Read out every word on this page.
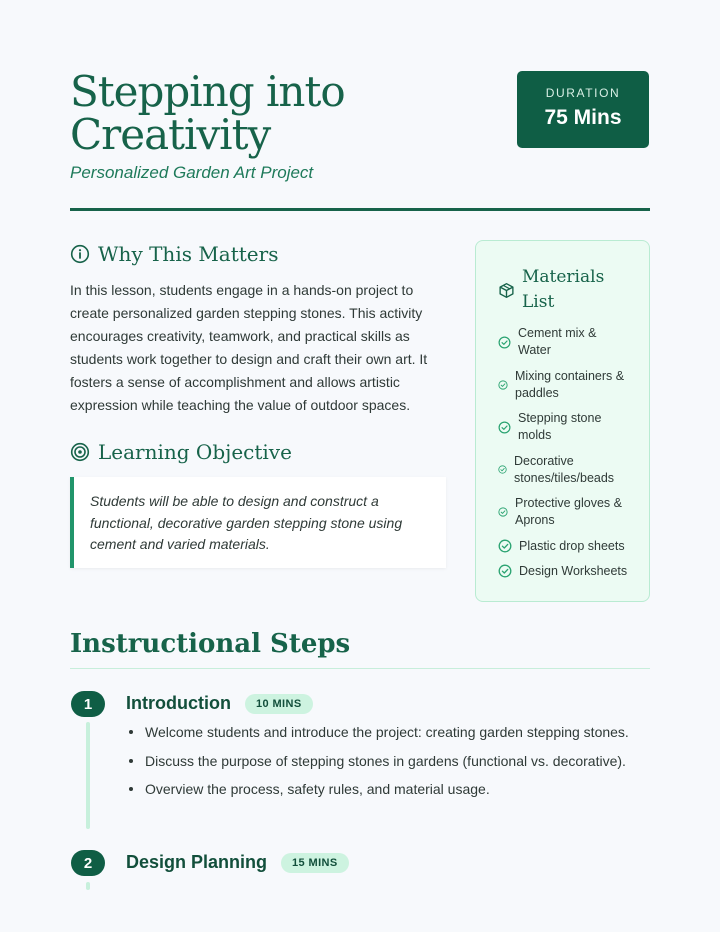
Stepping into Creativity
Personalized Garden Art Project
DURATION
75 Mins
Why This Matters

In this lesson, students engage in a hands-on project to create personalized garden stepping stones. This activity encourages creativity, teamwork, and practical skills as students work together to design and craft their own art. It fosters a sense of accomplishment and allows artistic expression while teaching the value of outdoor spaces.

Learning Objective
Students will be able to design and construct a functional, decorative garden stepping stone using cement and varied materials.
Materials List
Cement mix & Water
Mixing containers & paddles
Stepping stone molds
Decorative stones/tiles/beads
Protective gloves & Aprons
Plastic drop sheets
Design Worksheets
Instructional Steps
1	Introduction	10 MINS
Welcome students and introduce the project: creating garden stepping stones.
Discuss the purpose of stepping stones in gardens (functional vs. decorative).
Overview the process, safety rules, and material usage.
2	Design Planning	15 MINS
